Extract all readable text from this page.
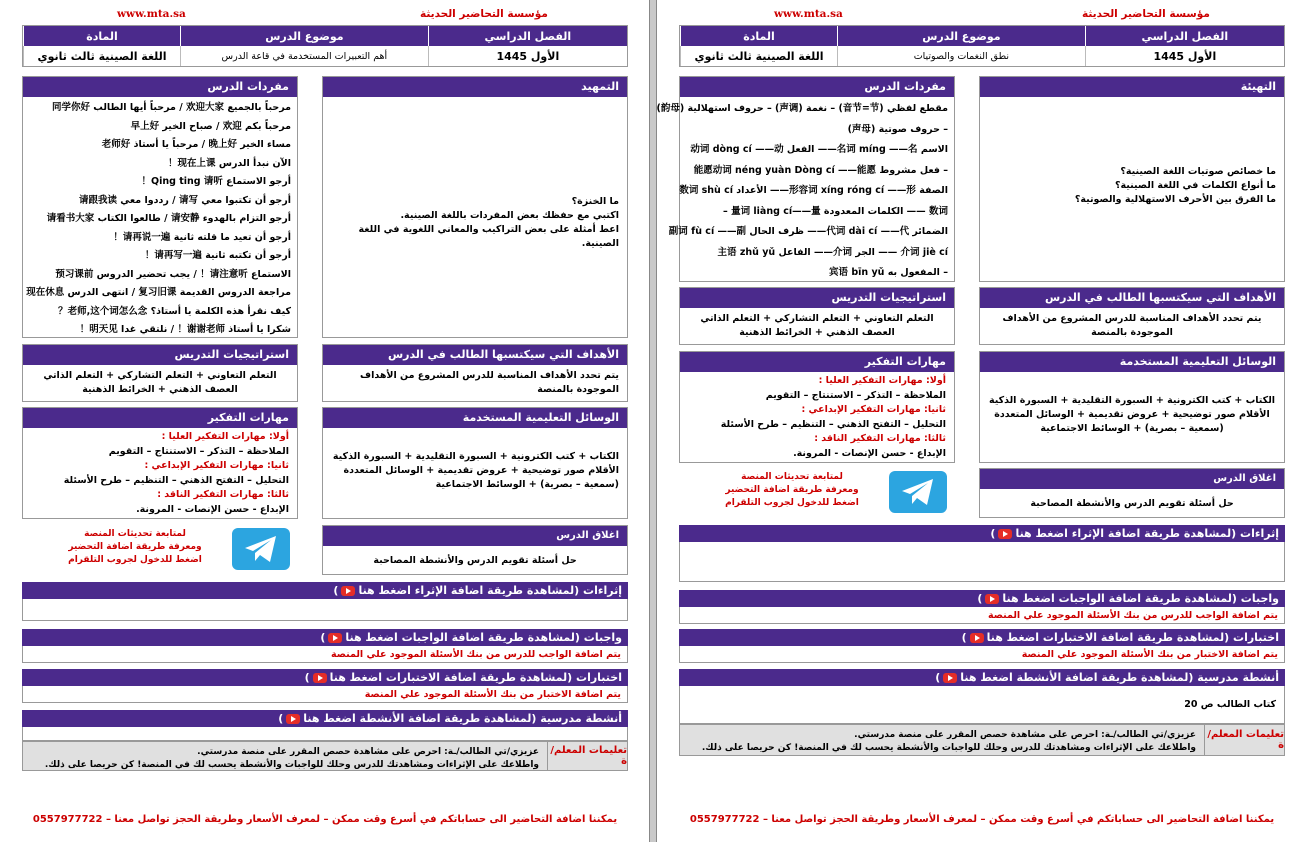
www.mta.sa	مؤسسة التحاضير الحديثة
المادة	موضوع الدرس	الفصل الدراسي
اللغة الصينية ثالث ثانوي	أهم التعبيرات المستخدمة في قاعة الدرس	الأول 1445
التمهيد
ما الخنزة؟
اكتبي مع حفظك بعض المفردات باللغة الصينية.
اعط أمثلة على بعض التراكيب والمعاني اللغوية في اللغة الصينية.
مفردات الدرس
مرحباً بالجميع 欢迎大家 / مرحباً أيها الطالب 同学你好
مرحباً بكم 欢迎 / صباح الخير 早上好
مساء الخير 晚上好 / مرحباً يا أستاذ 老师好
الآن نبدأ الدرس 现在上课！
أرجو الاستماع Qing ting 请听！
أرجو أن تكتبوا معي 请写 / رددوا معي 请跟我读
أرجو التزام بالهدوء 请安静 / طالعوا الكتاب 请看书大家
أرجو أن تعيد ما قلته ثانية 请再说一遍！
أرجو أن تكتبه ثانية 请再写一遍！
الاستماع 请注意听！ / يجب تحضير الدروس 预习课前
مراجعة الدروس القديمة 复习旧课 / انتهى الدرس 现在休息
كيف نقرأ هذه الكلمة يا أستاذ؟ 老师,这个词怎么念？
شكرا يا أستاذ 谢谢老师！ / نلتقي غدا 明天见！
الأهداف التي سيكتسبها الطالب في الدرس
يتم تحدد الأهداف المناسبة للدرس المشروع من الأهداف الموجودة بالمنصة
استراتيجيات التدريس
التعلم التعاوني + التعلم التشاركي + التعلم الذاتي
العصف الذهني + الخرائط الذهنية
الوسائل التعليمية المستخدمة
الكتاب + كتب الكترونية + السبورة التقليدية + السبورة الذكية
الأقلام صور توضيحية + عروض تقديمية + الوسائل المتعددة
(سمعية – بصرية) + الوسائط الاجتماعية
مهارات التفكير
أولا: مهارات التفكير العليا :
الملاحظة – التذكر – الاستنتاج – التقويم
ثانيا: مهارات التفكير الإبداعي :
التحليل – التفتح الذهني – التنظيم – طرح الأسئلة
ثالثا: مهارات التفكير الناقد :
الإبداع - حسن الإنصات - المرونة.
اغلاق الدرس
حل أسئلة تقويم الدرس والأنشطة المصاحبة
لمتابعة تحديثات المنصة
ومعرفة طريقة اضافة التحضير
اضغط للدخول لجروب التلقرام
إثراءات (لمشاهدة طريقة اضافة الإثراء اضغط هنا)
واجبات (لمشاهدة طريقة اضافة الواجبات اضغط هنا)
يتم اضافة الواجب للدرس من بنك الأسئلة الموجود علي المنصة
اختبارات (لمشاهدة طريقة اضافة الاختبارات اضغط هنا)
يتم اضافة الاختبار من بنك الأسئلة الموجود علي المنصة
أنشطة مدرسية (لمشاهدة طريقة اضافة الأنشطة اضغط هنا)
تعليمات المعلم/ة
عزيزي/تي الطالب/ـة: احرص على مشاهدة حصص المقرر على منصة مدرستي.
واطلاعك على الإثراءات ومشاهدتك للدرس وحلك للواجبات والأنشطة يحسب لك في المنصة! كن حريصا على ذلك.
يمكننا اضافة التحاضير الى حساباتكم في أسرع وقت ممكن – لمعرف الأسعار وطريقة الحجز تواصل معنا – 0557977722
www.mta.sa	مؤسسة التحاضير الحديثة
المادة	موضوع الدرس	الفصل الدراسي
اللغة الصينية ثالث ثانوي	نطق النغمات والصوتيات	الأول 1445
التهيئة
ما خصائص صوتيات اللغة الصينية؟
ما أنواع الكلمات في اللغة الصينية؟
ما الفرق بين الأحرف الاستهلالية والصوتية؟
مفردات الدرس
مقطع لفظي (音节=节) – نغمة (声调) – حروف استهلالية (韵母)
– حروف صوتية (声母)
الاسم 名词 míng ——名—— الفعل 动词 dòng cí ——动
– فعل مشروط 能愿动词 néng yuàn Dòng cí ——能愿
الصفة 形容词 xíng róng cí ——形—— الأعداد 数词 shù cí
数词 —— الكلمات المعدودة 量词 liàng cí——量 –
الضمائر 代词 dài cí ——代—— ظرف الحال 副词 fù cí ——副
介词 jiè cí —— الجر 介词—— الفاعل 主语 zhǔ yǔ
– المفعول به 宾语 bīn yǔ
الأهداف التي سيكتسبها الطالب في الدرس
يتم تحدد الأهداف المناسبة للدرس المشروع من الأهداف الموجودة بالمنصة
استراتيجيات التدريس
التعلم التعاوني + التعلم التشاركي + التعلم الذاتي
العصف الذهني + الخرائط الذهنية
الوسائل التعليمية المستخدمة
الكتاب + كتب الكترونية + السبورة التقليدية + السبورة الذكية
الأقلام صور توضيحية + عروض تقديمية + الوسائل المتعددة
(سمعية – بصرية) + الوسائط الاجتماعية
مهارات التفكير
أولا: مهارات التفكير العليا :
الملاحظة – التذكر – الاستنتاج – التقويم
ثانيا: مهارات التفكير الإبداعي :
التحليل – التفتح الذهني – التنظيم – طرح الأسئلة
ثالثا: مهارات التفكير الناقد :
الإبداع - حسن الإنصات - المرونة.
اغلاق الدرس
حل أسئلة تقويم الدرس والأنشطة المصاحبة
لمتابعة تحديثات المنصة
ومعرفة طريقة اضافة التحضير
اضغط للدخول لجروب التلقرام
إثراءات (لمشاهدة طريقة اضافة الإثراء اضغط هنا)
واجبات (لمشاهدة طريقة اضافة الواجبات اضغط هنا)
يتم اضافة الواجب للدرس من بنك الأسئلة الموجود علي المنصة
اختبارات (لمشاهدة طريقة اضافة الاختبارات اضغط هنا)
يتم اضافة الاختبار من بنك الأسئلة الموجود علي المنصة
أنشطة مدرسية (لمشاهدة طريقة اضافة الأنشطة اضغط هنا)
كتاب الطالب ص 20
تعليمات المعلم/ة
عزيزي/تي الطالب/ـة: احرص على مشاهدة حصص المقرر على منصة مدرستي.
واطلاعك على الإثراءات ومشاهدتك للدرس وحلك للواجبات والأنشطة يحسب لك في المنصة! كن حريصا على ذلك.
يمكننا اضافة التحاضير الى حساباتكم في أسرع وقت ممكن – لمعرف الأسعار وطريقة الحجز تواصل معنا – 0557977722
